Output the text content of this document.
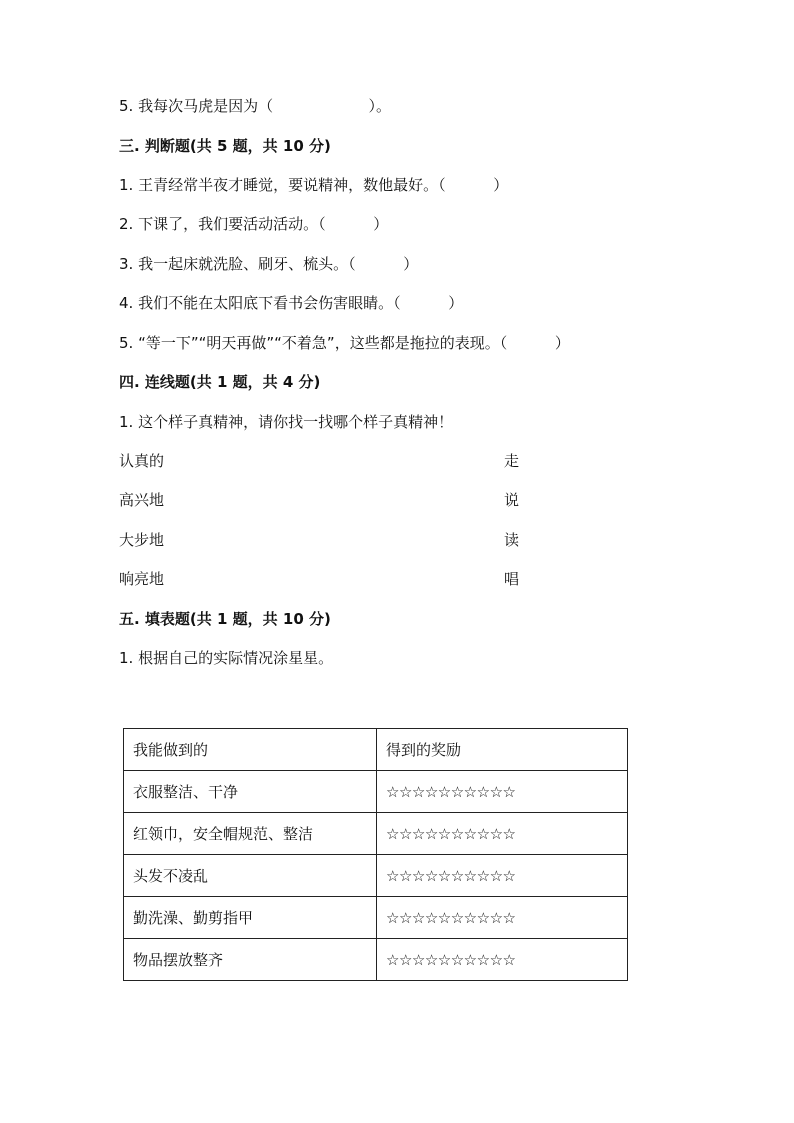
5. 我每次马虎是因为（                    ）。
三. 判断题(共 5 题，共 10 分)
1. 王青经常半夜才睡觉，要说精神，数他最好。（          ）
2. 下课了，我们要活动活动。（          ）
3. 我一起床就洗脸、刷牙、梳头。（          ）
4. 我们不能在太阳底下看书会伤害眼睛。（          ）
5. “等一下”“明天再做”“不着急”，这些都是拖拉的表现。（          ）
四. 连线题(共 1 题，共 4 分)
1. 这个样子真精神，请你找一找哪个样子真精神！
认真的	走
高兴地	说
大步地	读
响亮地	唱
五. 填表题(共 1 题，共 10 分)
1. 根据自己的实际情况涂星星。
我能做到的	得到的奖励
衣服整洁、干净	☆☆☆☆☆☆☆☆☆☆
红领巾，安全帽规范、整洁	☆☆☆☆☆☆☆☆☆☆
头发不凌乱	☆☆☆☆☆☆☆☆☆☆
勤洗澡、勤剪指甲	☆☆☆☆☆☆☆☆☆☆
物品摆放整齐	☆☆☆☆☆☆☆☆☆☆
